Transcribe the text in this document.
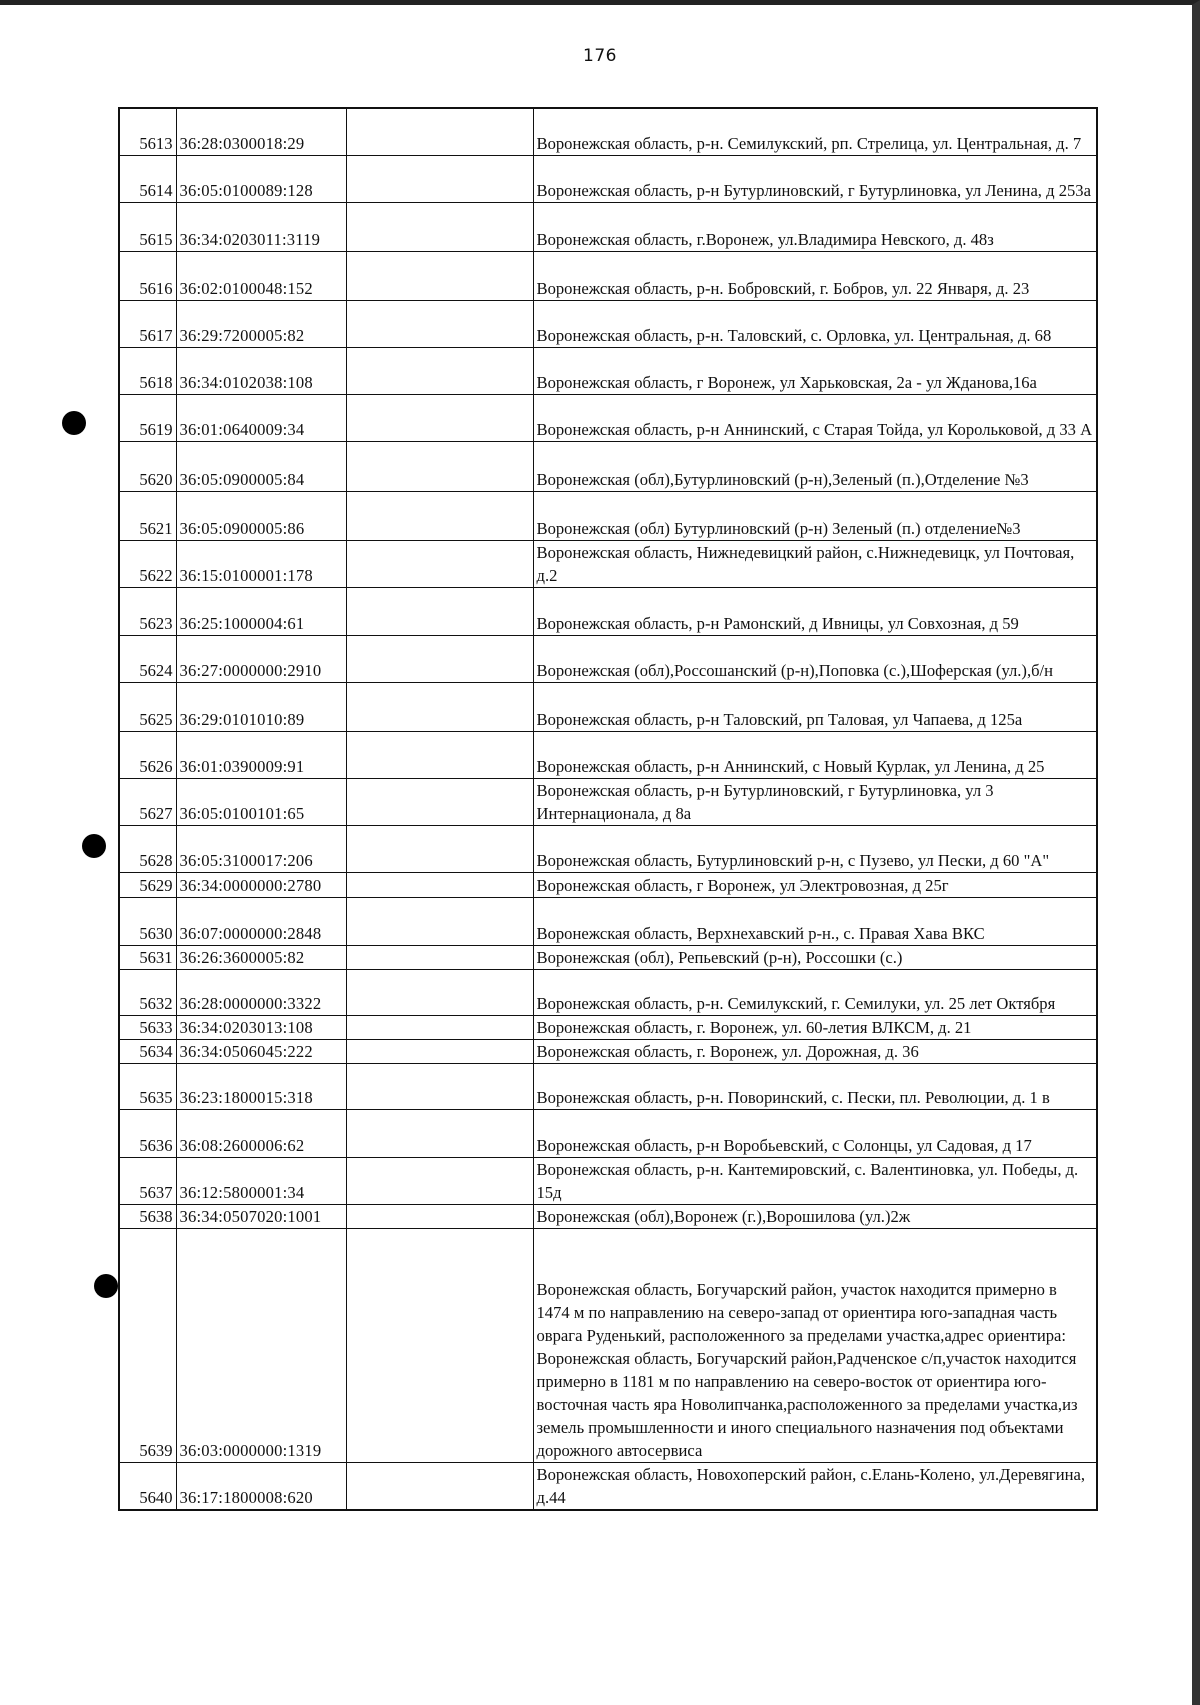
176
5613	36:28:0300018:29		Воронежская область, р-н. Семилукский, рп. Стрелица, ул. Центральная, д. 7
5614	36:05:0100089:128		Воронежская область, р-н Бутурлиновский, г Бутурлиновка, ул Ленина, д 253а
5615	36:34:0203011:3119		Воронежская область, г.Воронеж, ул.Владимира Невского, д. 48з
5616	36:02:0100048:152		Воронежская область, р-н. Бобровский, г. Бобров, ул. 22 Января, д. 23
5617	36:29:7200005:82		Воронежская область, р-н. Таловский, с. Орловка, ул. Центральная, д. 68
5618	36:34:0102038:108		Воронежская область, г Воронеж, ул Харьковская, 2а - ул Жданова,16а
5619	36:01:0640009:34		Воронежская область, р-н Аннинский, с Старая Тойда, ул Корольковой, д 33 А
5620	36:05:0900005:84		Воронежская (обл),Бутурлиновский (р-н),Зеленый (п.),Отделение №3
5621	36:05:0900005:86		Воронежская (обл) Бутурлиновский (р-н) Зеленый (п.) отделение№3
5622	36:15:0100001:178		Воронежская область, Нижнедевицкий район, с.Нижнедевицк, ул Почтовая, д.2
5623	36:25:1000004:61		Воронежская область, р-н Рамонский, д Ивницы, ул Совхозная, д 59
5624	36:27:0000000:2910		Воронежская (обл),Россошанский (р-н),Поповка (с.),Шоферская (ул.),б/н
5625	36:29:0101010:89		Воронежская область, р-н Таловский, рп Таловая, ул Чапаева, д 125а
5626	36:01:0390009:91		Воронежская область, р-н Аннинский, с Новый Курлак, ул Ленина, д 25
5627	36:05:0100101:65		Воронежская область, р-н Бутурлиновский, г Бутурлиновка, ул 3 Интернационала, д 8а
5628	36:05:3100017:206		Воронежская область, Бутурлиновский р-н, с Пузево, ул Пески, д 60 "А"
5629	36:34:0000000:2780		Воронежская область, г Воронеж, ул Электровозная, д 25г
5630	36:07:0000000:2848		Воронежская область, Верхнехавский р-н., с. Правая Хава ВКС
5631	36:26:3600005:82		Воронежская (обл), Репьевский (р-н), Россошки (с.)
5632	36:28:0000000:3322		Воронежская область, р-н. Семилукский, г. Семилуки, ул. 25 лет Октября
5633	36:34:0203013:108		Воронежская область, г. Воронеж, ул. 60-летия ВЛКСМ, д. 21
5634	36:34:0506045:222		Воронежская область, г. Воронеж, ул. Дорожная, д. 36
5635	36:23:1800015:318		Воронежская область, р-н. Поворинский, с. Пески, пл. Революции, д. 1 в
5636	36:08:2600006:62		Воронежская область, р-н Воробьевский, с Солонцы, ул Садовая, д 17
5637	36:12:5800001:34		Воронежская область, р-н. Кантемировский, с. Валентиновка, ул. Победы, д. 15д
5638	36:34:0507020:1001		Воронежская (обл),Воронеж (г.),Ворошилова (ул.)2ж
5639	36:03:0000000:1319		Воронежская область, Богучарский район, участок находится примерно в 1474 м по направлению на северо-запад от ориентира юго-западная часть оврага Руденький, расположенного за пределами участка,адрес ориентира: Воронежская область, Богучарский район,Радченское с/п,участок находится примерно в 1181 м по направлению на северо-восток от ориентира юго-восточная часть яра Новолипчанка,расположенного за пределами участка,из земель промышленности и иного специального назначения под объектами дорожного автосервиса
5640	36:17:1800008:620		Воронежская область, Новохоперский район, с.Елань-Колено, ул.Деревягина, д.44
